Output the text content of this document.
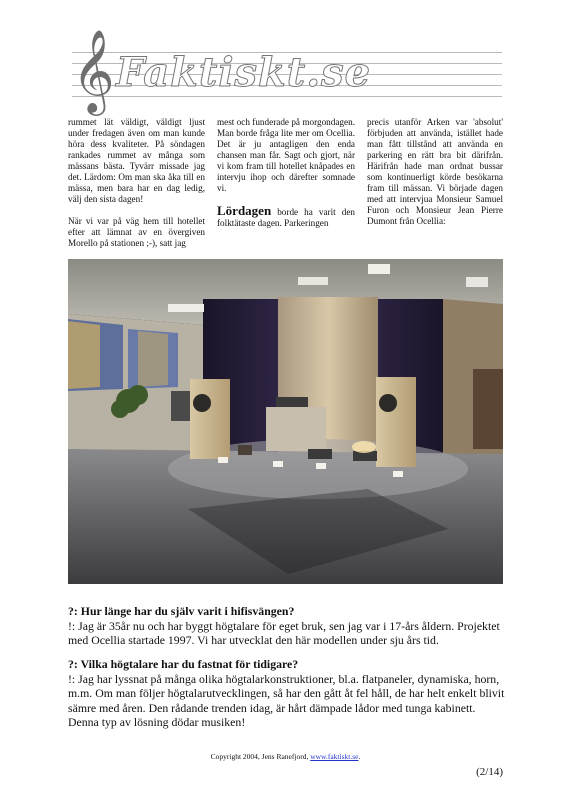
𝄞 Faktiskt.se

rummet lät väldigt, väldigt ljust under fredagen även om man kunde höra dess kvaliteter. På söndagen rankades rummet av många som mässans bästa. Tyvärr missade jag det. Lärdom: Om man ska åka till en mässa, men bara har en dag ledig, välj den sista dagen!

När vi var på väg hem till hotellet efter att lämnat av en övergiven Morello på stationen ;-), satt jag

mest och funderade på morgondagen. Man borde fråga lite mer om Ocellia. Det är ju antagligen den enda chansen man får. Sagt och gjort, när vi kom fram till hotellet knåpades en intervju ihop och därefter somnade vi.

Lördagen borde ha varit den folktätaste dagen. Parkeringen

precis utanför Arken var 'absolut' förbjuden att använda, istället hade man fått tillstånd att använda en parkering en rätt bra bit därifrån. Härifrån hade man ordnat bussar som kontinuerligt körde besökarna fram till mässan. Vi började dagen med att intervjua Monsieur Samuel Furon och Monsieur Jean Pierre Dumont från Ocellia:

?: Hur länge har du själv varit i hifisvängen?
!: Jag är 35år nu och har byggt högtalare för eget bruk, sen jag var i 17-års åldern. Projektet med Ocellia startade 1997. Vi har utvecklat den här modellen under sju års tid.
?: Vilka högtalare har du fastnat för tidigare?
!: Jag har lyssnat på många olika högtalarkonstruktioner, bl.a. flatpaneler, dynamiska, horn, m.m. Om man följer högtalarutvecklingen, så har den gått åt fel håll, de har helt enkelt blivit sämre med åren. Den rådande trenden idag, är hårt dämpade lådor med tunga kabinett. Denna typ av lösning dödar musiken!
Copyright 2004, Jens Ranefjord, www.faktiskt.se.
(2/14)
